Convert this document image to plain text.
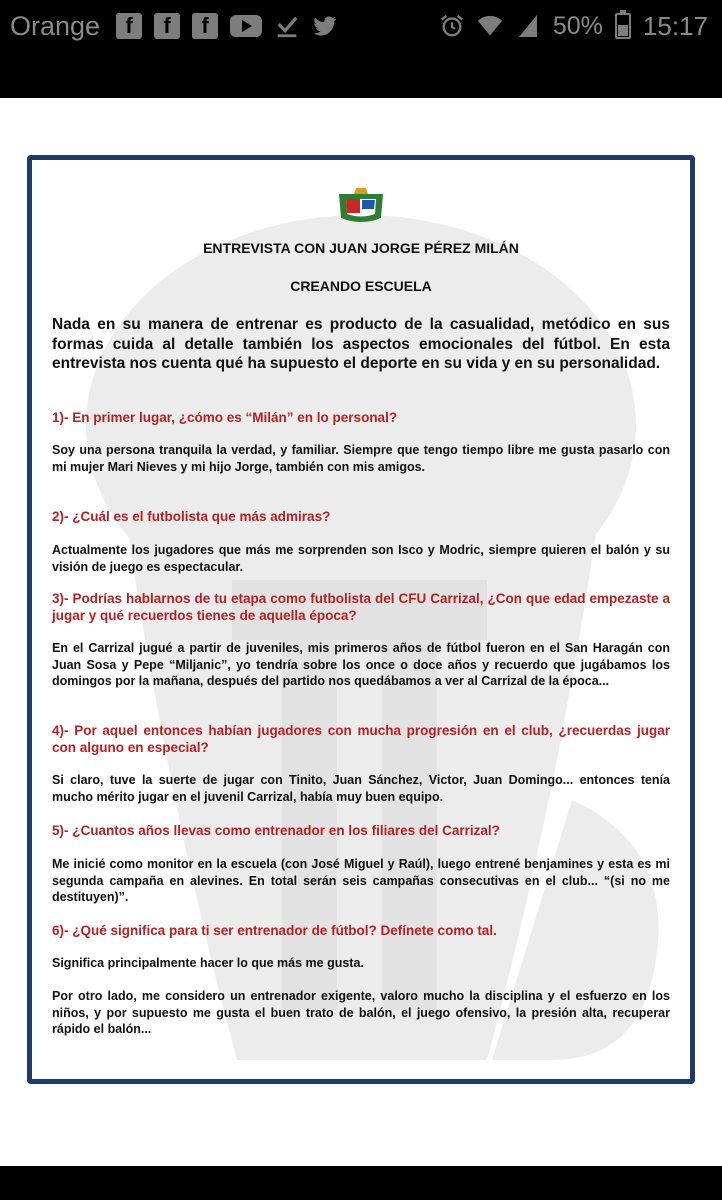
Orange	f	f	f	50% 15:17
ENTREVISTA CON JUAN JORGE PÉREZ MILÁN
CREANDO ESCUELA

Nada en su manera de entrenar es producto de la casualidad, metódico en sus formas cuida al detalle también los aspectos emocionales del fútbol. En esta entrevista nos cuenta qué ha supuesto el deporte en su vida y en su personalidad.

1)- En primer lugar, ¿cómo es “Milán” en lo personal?

Soy una persona tranquila la verdad, y familiar. Siempre que tengo tiempo libre me gusta pasarlo con mi mujer Mari Nieves y mi hijo Jorge, también con mis amigos.

2)- ¿Cuál es el futbolista que más admiras?

Actualmente los jugadores que más me sorprenden son Isco y Modric, siempre quieren el balón y su visión de juego es espectacular.

3)- Podrías hablarnos de tu etapa como futbolista del CFU Carrizal, ¿Con que edad empezaste a jugar y qué recuerdos tienes de aquella época?

En el Carrizal jugué a partir de juveniles, mis primeros años de fútbol fueron en el San Haragán con Juan Sosa y Pepe “Miljanic”, yo tendría sobre los once o doce años y recuerdo que jugábamos los domingos por la mañana, después del partido nos quedábamos a ver al Carrizal de la época...

4)- Por aquel entonces habían jugadores con mucha progresión en el club, ¿recuerdas jugar con alguno en especial?

Si claro, tuve la suerte de jugar con Tinito, Juan Sánchez, Victor, Juan Domingo... entonces tenía mucho mérito jugar en el juvenil Carrizal, había muy buen equipo.

5)- ¿Cuantos años llevas como entrenador en los filiares del Carrizal?

Me inicié como monitor en la escuela (con José Miguel y Raúl), luego entrené benjamines y esta es mi segunda campaña en alevines. En total serán seis campañas consecutivas en el club... “(si no me destituyen)”.

6)- ¿Qué significa para ti ser entrenador de fútbol? Defínete como tal.

Significa principalmente hacer lo que más me gusta.

Por otro lado, me considero un entrenador exigente, valoro mucho la disciplina y el esfuerzo en los niños, y por supuesto me gusta el buen trato de balón, el juego ofensivo, la presión alta, recuperar rápido el balón...
